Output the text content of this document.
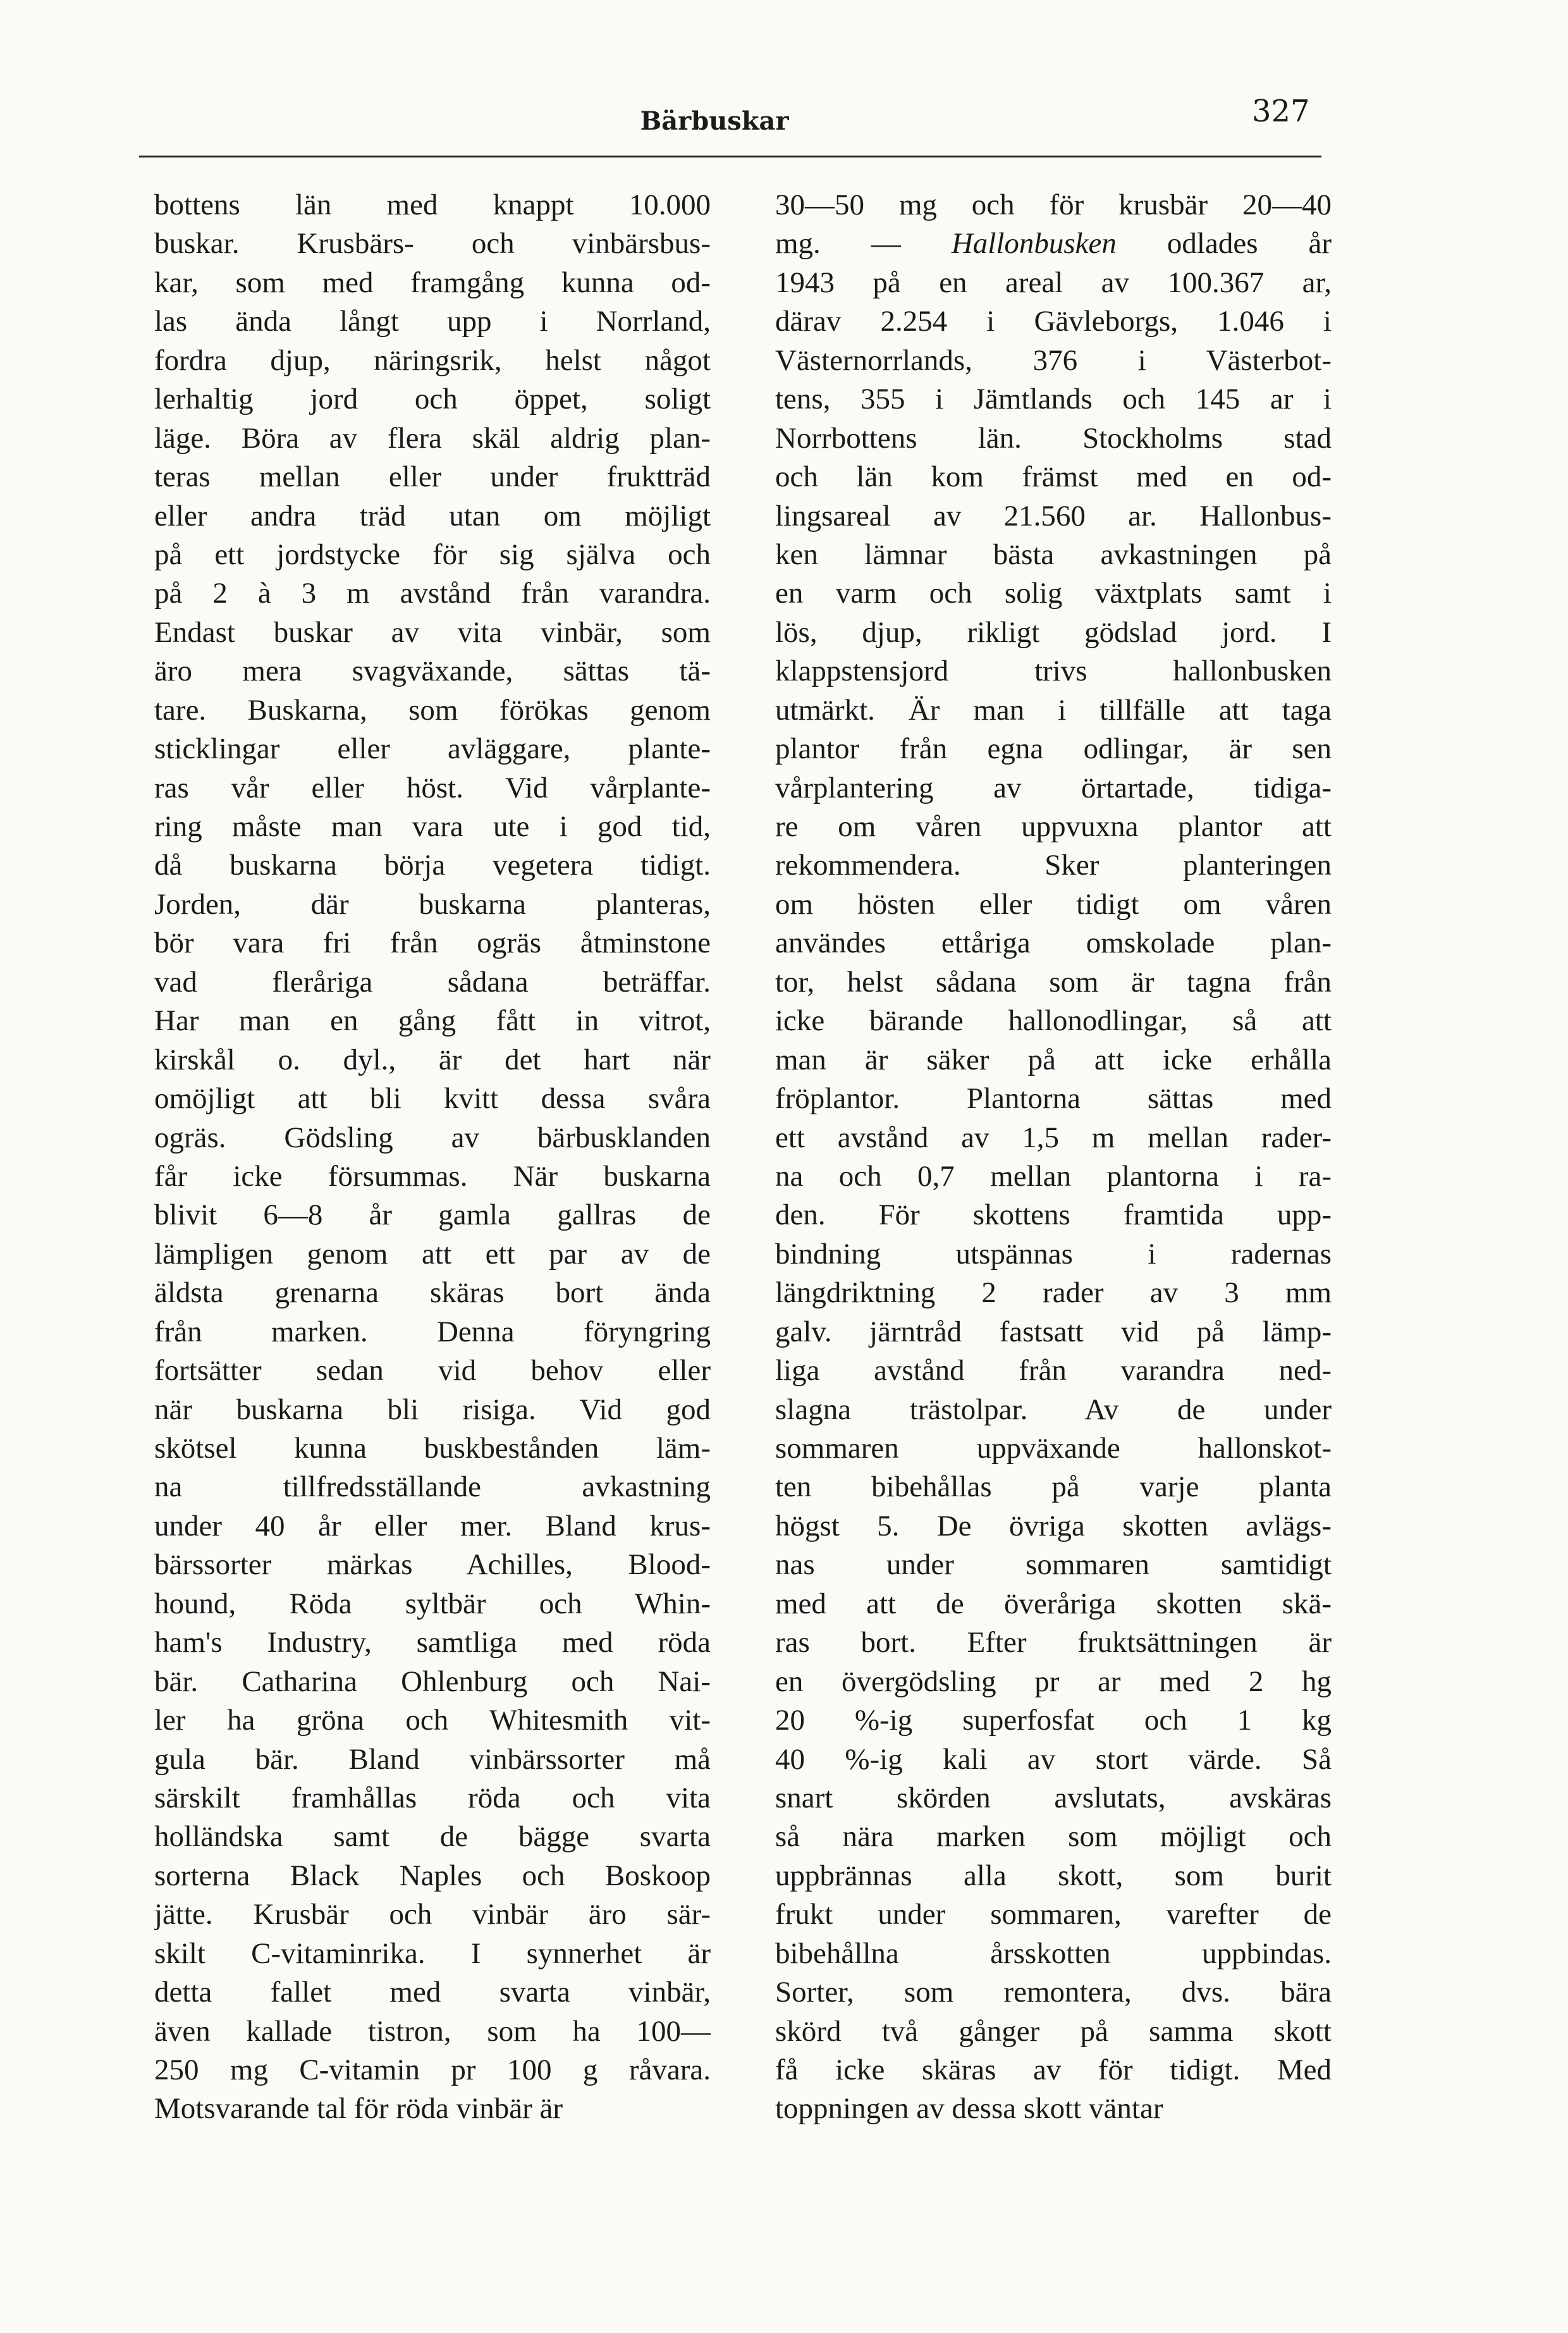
Bärbuskar	327
bottens län med knappt 10.000
buskar. Krusbärs- och vinbärsbus-
kar, som med framgång kunna od-
las ända långt upp i Norrland,
fordra djup, näringsrik, helst något
lerhaltig jord och öppet, soligt
läge. Böra av flera skäl aldrig plan-
teras mellan eller under fruktträd
eller andra träd utan om möjligt
på ett jordstycke för sig själva och
på 2 à 3 m avstånd från varandra.
Endast buskar av vita vinbär, som
äro mera svagväxande, sättas tä-
tare. Buskarna, som förökas genom
sticklingar eller avläggare, plante-
ras vår eller höst. Vid vårplante-
ring måste man vara ute i god tid,
då buskarna börja vegetera tidigt.
Jorden, där buskarna planteras,
bör vara fri från ogräs åtminstone
vad fleråriga sådana beträffar.
Har man en gång fått in vitrot,
kirskål o. dyl., är det hart när
omöjligt att bli kvitt dessa svåra
ogräs. Gödsling av bärbusklanden
får icke försummas. När buskarna
blivit 6—8 år gamla gallras de
lämpligen genom att ett par av de
äldsta grenarna skäras bort ända
från marken. Denna föryngring
fortsätter sedan vid behov eller
när buskarna bli risiga. Vid god
skötsel kunna buskbestånden läm-
na tillfredsställande avkastning
under 40 år eller mer. Bland krus-
bärssorter märkas Achilles, Blood-
hound, Röda syltbär och Whin-
ham's Industry, samtliga med röda
bär. Catharina Ohlenburg och Nai-
ler ha gröna och Whitesmith vit-
gula bär. Bland vinbärssorter må
särskilt framhållas röda och vita
holländska samt de bägge svarta
sorterna Black Naples och Boskoop
jätte. Krusbär och vinbär äro sär-
skilt C-vitaminrika. I synnerhet är
detta fallet med svarta vinbär,
även kallade tistron, som ha 100—
250 mg C-vitamin pr 100 g råvara.
Motsvarande tal för röda vinbär är
30—50 mg och för krusbär 20—40
mg. — Hallonbusken odlades år
1943 på en areal av 100.367 ar,
därav 2.254 i Gävleborgs, 1.046 i
Västernorrlands, 376 i Västerbot-
tens, 355 i Jämtlands och 145 ar i
Norrbottens län. Stockholms stad
och län kom främst med en od-
lingsareal av 21.560 ar. Hallonbus-
ken lämnar bästa avkastningen på
en varm och solig växtplats samt i
lös, djup, rikligt gödslad jord. I
klappstensjord trivs hallonbusken
utmärkt. Är man i tillfälle att taga
plantor från egna odlingar, är sen
vårplantering av örtartade, tidiga-
re om våren uppvuxna plantor att
rekommendera. Sker planteringen
om hösten eller tidigt om våren
användes ettåriga omskolade plan-
tor, helst sådana som är tagna från
icke bärande hallonodlingar, så att
man är säker på att icke erhålla
fröplantor. Plantorna sättas med
ett avstånd av 1,5 m mellan rader-
na och 0,7 mellan plantorna i ra-
den. För skottens framtida upp-
bindning utspännas i radernas
längdriktning 2 rader av 3 mm
galv. järntråd fastsatt vid på lämp-
liga avstånd från varandra ned-
slagna trästolpar. Av de under
sommaren uppväxande hallonskot-
ten bibehållas på varje planta
högst 5. De övriga skotten avlägs-
nas under sommaren samtidigt
med att de överåriga skotten skä-
ras bort. Efter fruktsättningen är
en övergödsling pr ar med 2 hg
20 %-ig superfosfat och 1 kg
40 %-ig kali av stort värde. Så
snart skörden avslutats, avskäras
så nära marken som möjligt och
uppbrännas alla skott, som burit
frukt under sommaren, varefter de
bibehållna årsskotten uppbindas.
Sorter, som remontera, dvs. bära
skörd två gånger på samma skott
få icke skäras av för tidigt. Med
toppningen av dessa skott väntar
